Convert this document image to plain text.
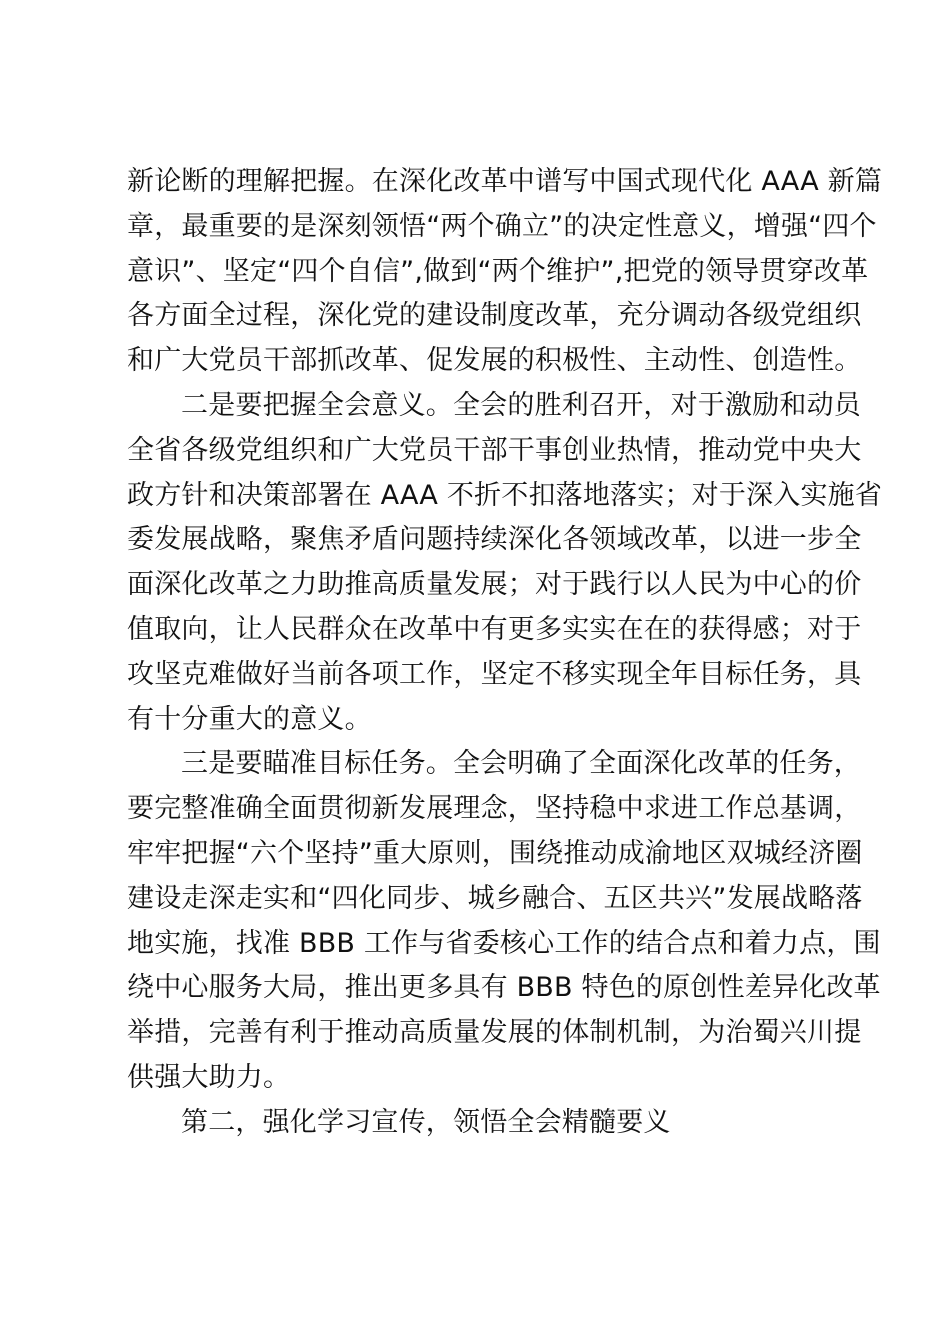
新论断的理解把握。在深化改革中谱写中国式现代化 AAA 新篇
章，最重要的是深刻领悟“两个确立”的决定性意义，增强“四个
意识”、坚定“四个自信”,做到“两个维护”,把党的领导贯穿改革
各方面全过程，深化党的建设制度改革，充分调动各级党组织
和广大党员干部抓改革、促发展的积极性、主动性、创造性。
二是要把握全会意义。全会的胜利召开，对于激励和动员
全省各级党组织和广大党员干部干事创业热情，推动党中央大
政方针和决策部署在 AAA 不折不扣落地落实；对于深入实施省
委发展战略，聚焦矛盾问题持续深化各领域改革，以进一步全
面深化改革之力助推高质量发展；对于践行以人民为中心的价
值取向，让人民群众在改革中有更多实实在在的获得感；对于
攻坚克难做好当前各项工作，坚定不移实现全年目标任务，具
有十分重大的意义。
三是要瞄准目标任务。全会明确了全面深化改革的任务，
要完整准确全面贯彻新发展理念，坚持稳中求进工作总基调，
牢牢把握“六个坚持”重大原则，围绕推动成渝地区双城经济圈
建设走深走实和“四化同步、城乡融合、五区共兴”发展战略落
地实施，找准 BBB 工作与省委核心工作的结合点和着力点，围
绕中心服务大局，推出更多具有 BBB 特色的原创性差异化改革
举措，完善有利于推动高质量发展的体制机制，为治蜀兴川提
供强大助力。
第二，强化学习宣传，领悟全会精髓要义
